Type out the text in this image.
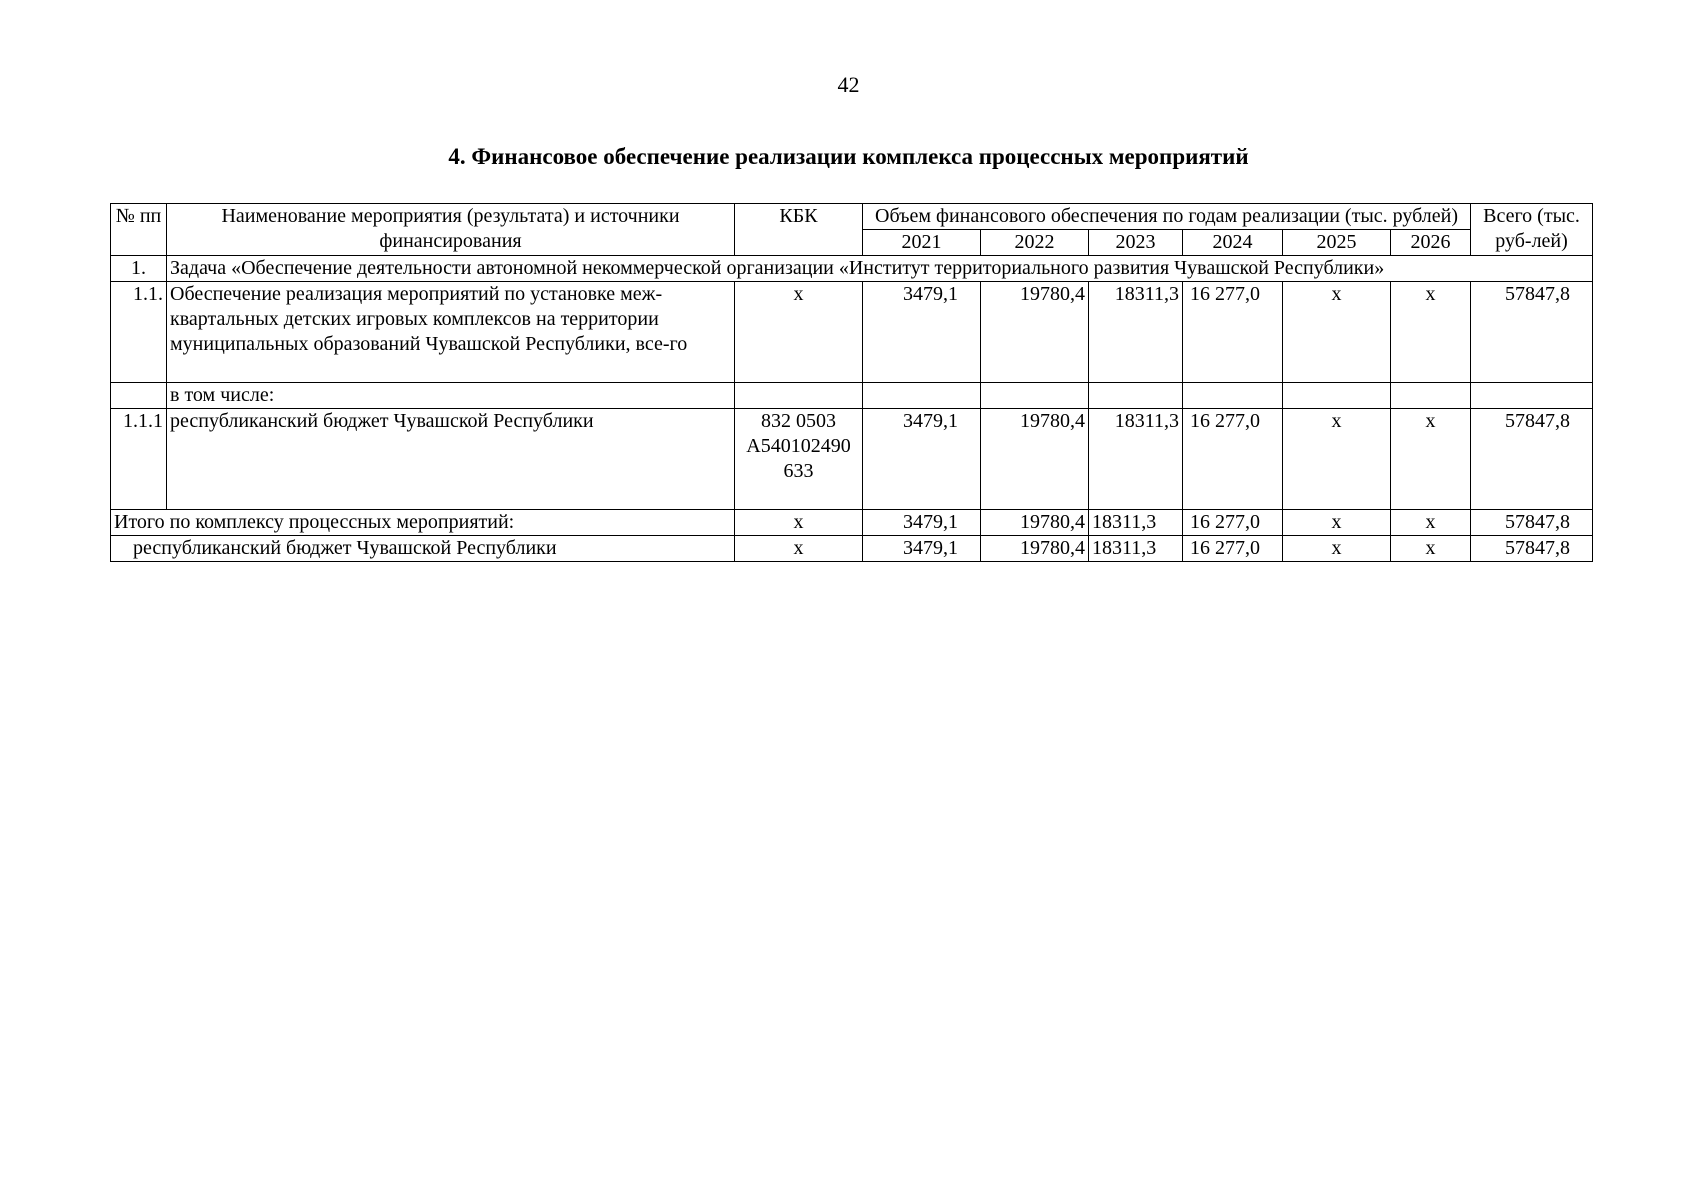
42
4. Финансовое обеспечение реализации комплекса процессных мероприятий
№ пп	Наименование мероприятия (результата) и источники финансирования	КБК	Объем финансового обеспечения по годам реализации (тыс. рублей)						Всего (тыс. руб-лей)
			2021	2022	2023	2024	2025	2026	
1.	Задача «Обеспечение деятельности автономной некоммерческой организации «Институт территориального развития Чувашской Республики»								
1.1.	Обеспечение реализация мероприятий по установке меж-квартальных детских игровых комплексов на территории муниципальных образований Чувашской Республики, все-го	x	3479,1	19780,4	18311,3	16 277,0	x	x	57847,8
	в том числе:								
1.1.1	республиканский бюджет Чувашской Республики	832 0503 А540102490 633	3479,1	19780,4	18311,3	16 277,0	x	x	57847,8
Итого по комплексу процессных мероприятий:		x	3479,1	19780,4	18311,3	16 277,0	x	x	57847,8
республиканский бюджет Чувашской Республики		x	3479,1	19780,4	18311,3	16 277,0	x	x	57847,8
